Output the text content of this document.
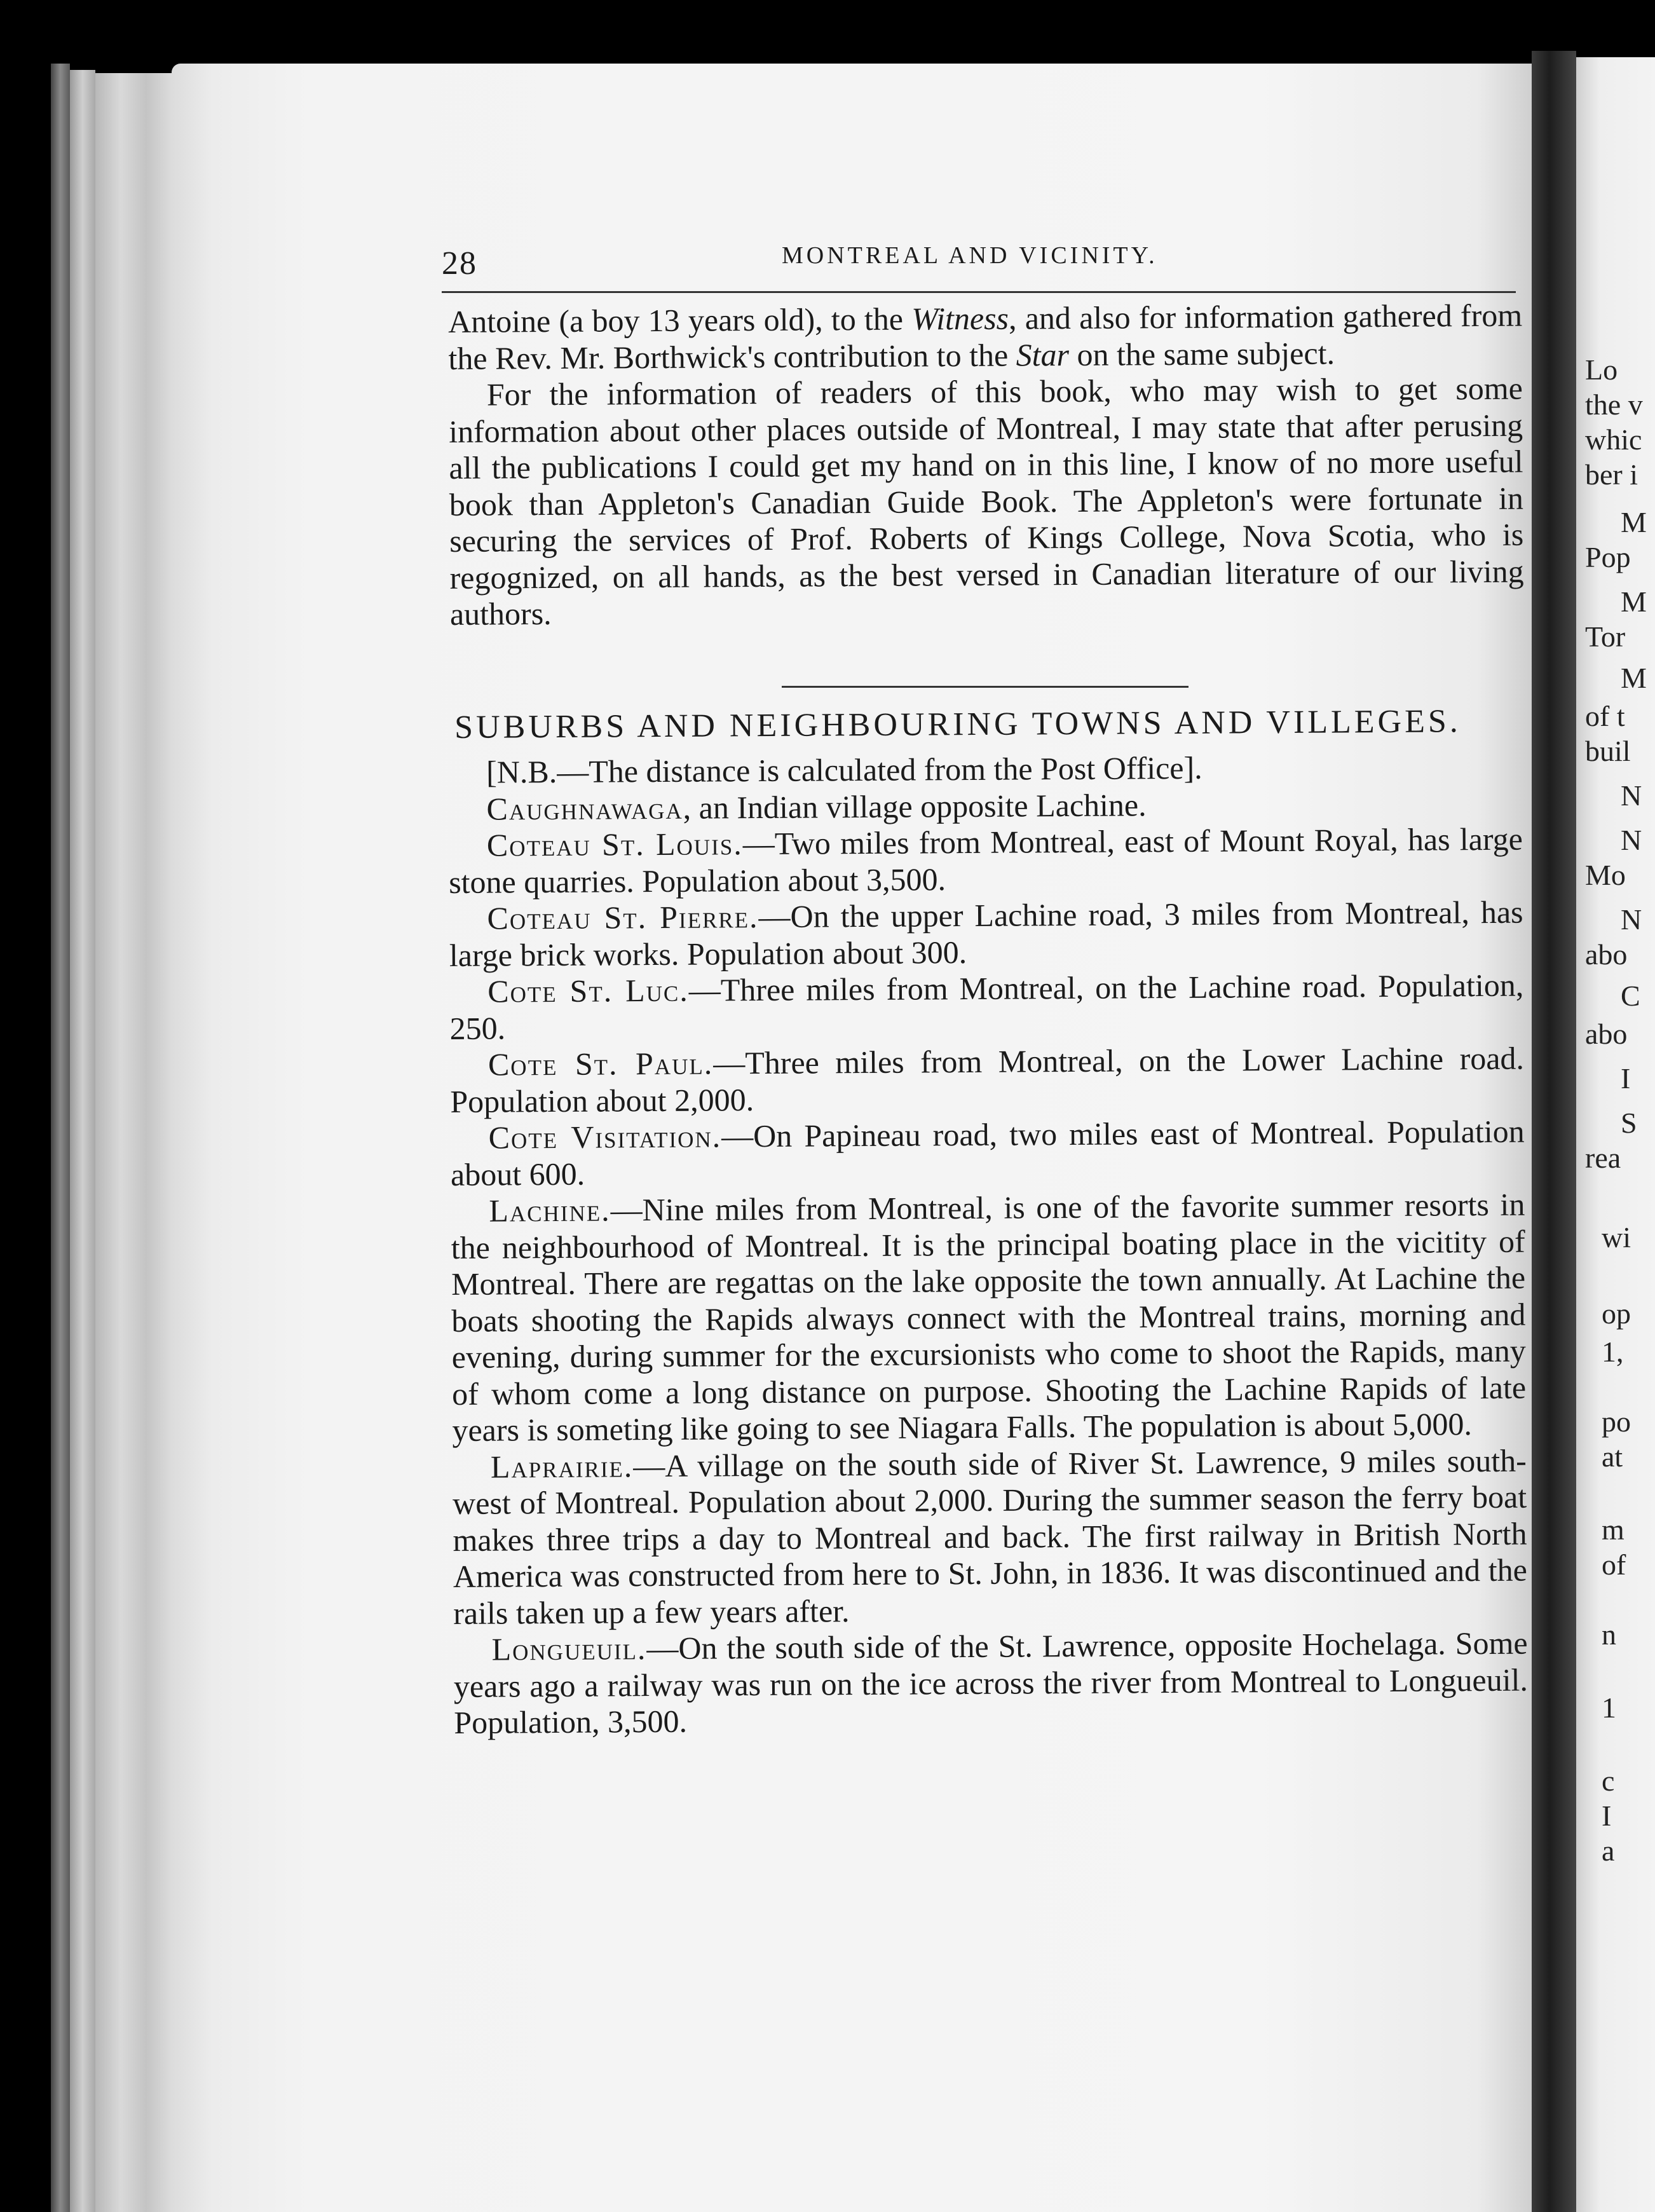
Lo
the v
whic
ber i
M
Pop
M
Tor
M
of t
buil
N
N
Mo
N
abo
C
abo
I
S
rea
wi
op
1,
po
at
m
of
n
1
c
I
a
28	MONTREAL AND VICINITY.

Antoine (a boy 13 years old), to the Witness, and also for information gathered from the Rev. Mr. Borthwick's contribution to the Star on the same subject.

For the information of readers of this book, who may wish to get some information about other places outside of Montreal, I may state that after perusing all the publications I could get my hand on in this line, I know of no more useful book than Appleton's Canadian Guide Book. The Appleton's were fortunate in securing the services of Prof. Roberts of Kings College, Nova Scotia, who is regognized, on all hands, as the best versed in Canadian literature of our living authors.

SUBURBS AND NEIGHBOURING TOWNS AND VILLEGES.

[N.B.—The distance is calculated from the Post Office].

Caughnawaga, an Indian village opposite Lachine.

Coteau St. Louis.—Two miles from Montreal, east of Mount Royal, has large stone quarries. Population about 3,500.

Coteau St. Pierre.—On the upper Lachine road, 3 miles from Montreal, has large brick works. Population about 300.

Cote St. Luc.—Three miles from Montreal, on the Lachine road. Population, 250.

Cote St. Paul.—Three miles from Montreal, on the Lower Lachine road. Population about 2,000.

Cote Visitation.—On Papineau road, two miles east of Montreal. Population about 600.

Lachine.—Nine miles from Montreal, is one of the favorite summer resorts in the neighbourhood of Montreal. It is the principal boating place in the vicitity of Montreal. There are regattas on the lake opposite the town annually. At Lachine the boats shooting the Rapids always connect with the Montreal trains, morning and evening, during summer for the excursionists who come to shoot the Rapids, many of whom come a long distance on purpose. Shooting the Lachine Rapids of late years is someting like going to see Niagara Falls. The population is about 5,000.

Laprairie.—A village on the south side of River St. Lawrence, 9 miles south-west of Montreal. Population about 2,000. During the summer season the ferry boat makes three trips a day to Montreal and back. The first railway in British North America was constructed from here to St. John, in 1836. It was discontinued and the rails taken up a few years after.

Longueuil.—On the south side of the St. Lawrence, opposite Hochelaga. Some years ago a railway was run on the ice across the river from Montreal to Longueuil. Population, 3,500.
